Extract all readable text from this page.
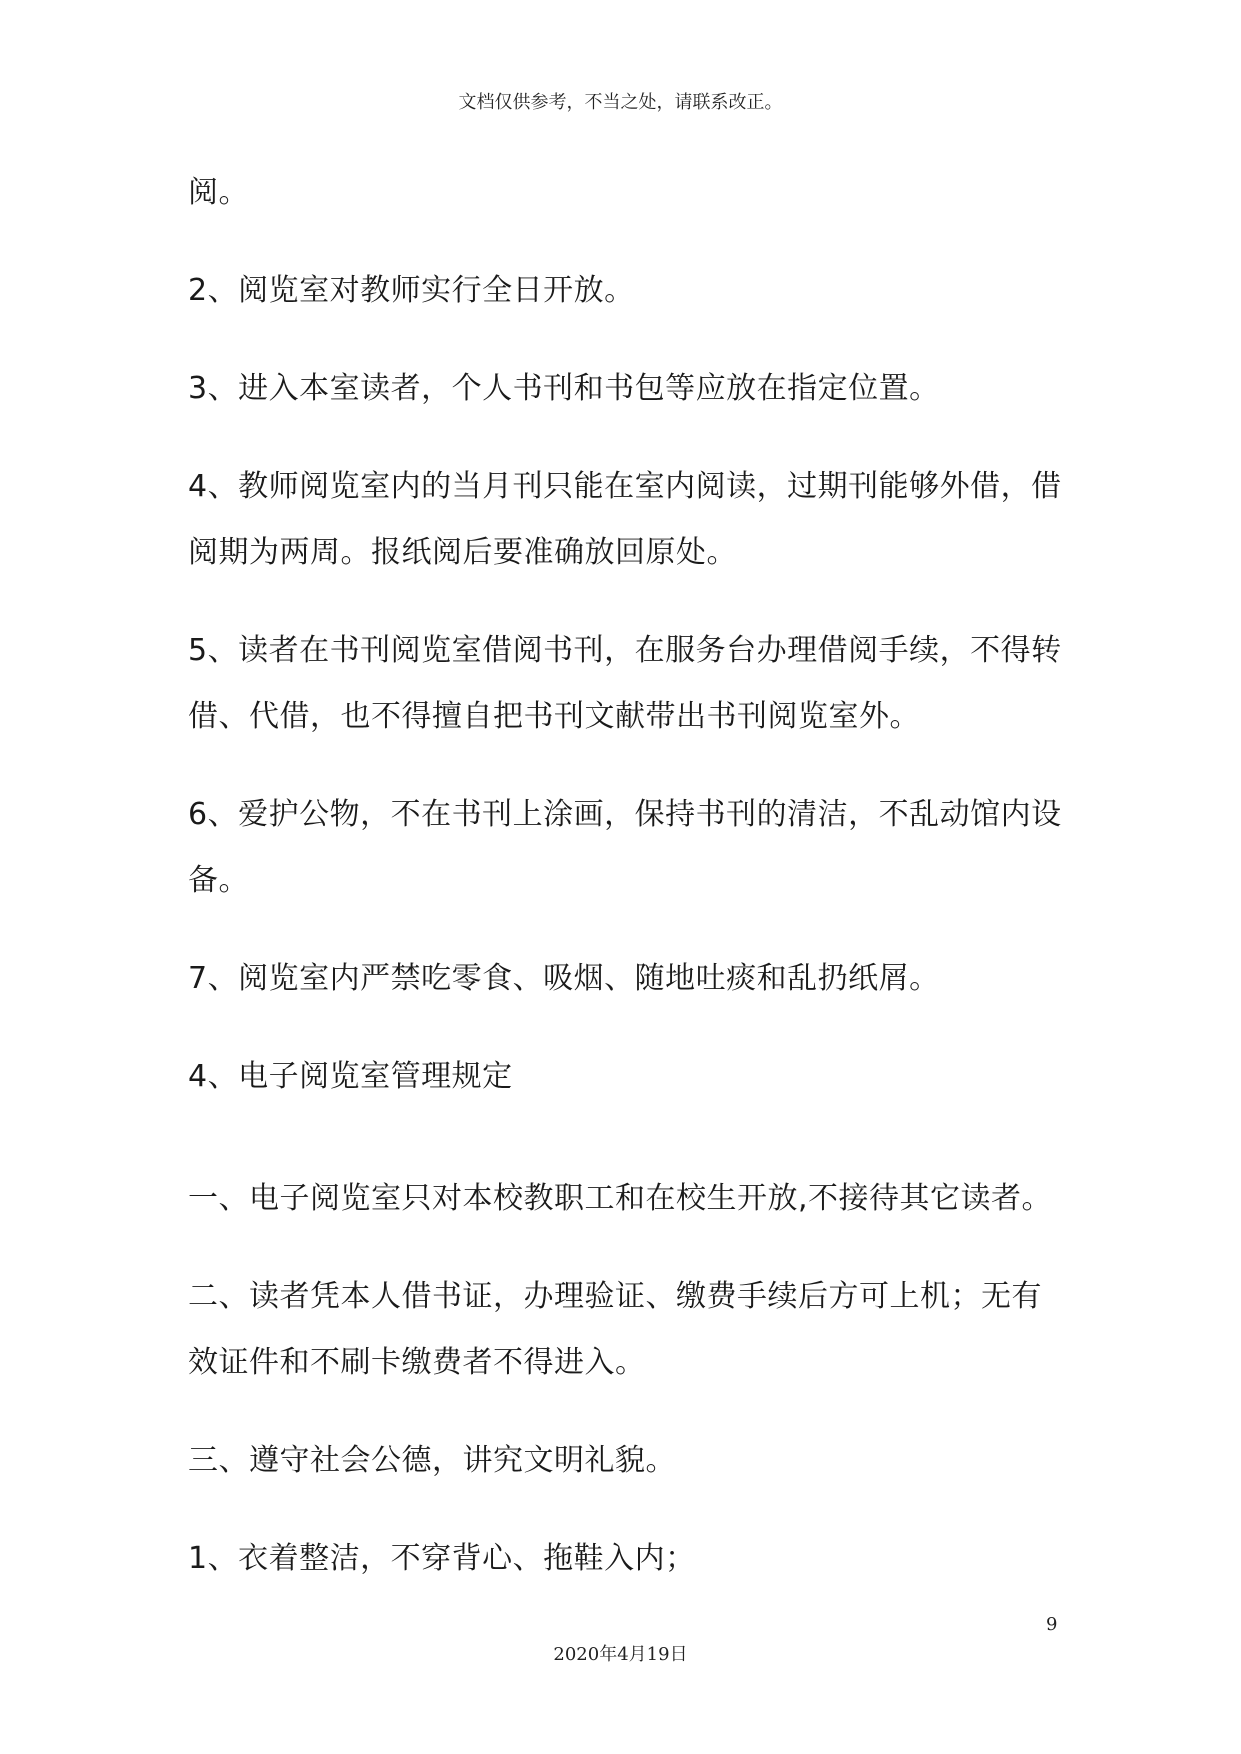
文档仅供参考，不当之处，请联系改正。

阅。

2、阅览室对教师实行全日开放。

3、进入本室读者，个人书刊和书包等应放在指定位置。

4、教师阅览室内的当月刊只能在室内阅读，过期刊能够外借，借阅期为两周。报纸阅后要准确放回原处。

5、读者在书刊阅览室借阅书刊，在服务台办理借阅手续，不得转借、代借，也不得擅自把书刊文献带出书刊阅览室外。

6、爱护公物，不在书刊上涂画，保持书刊的清洁，不乱动馆内设备。

7、阅览室内严禁吃零食、吸烟、随地吐痰和乱扔纸屑。

4、电子阅览室管理规定

一、电子阅览室只对本校教职工和在校生开放,不接待其它读者。

二、读者凭本人借书证，办理验证、缴费手续后方可上机；无有效证件和不刷卡缴费者不得进入。

三、遵守社会公德，讲究文明礼貌。

1、衣着整洁，不穿背心、拖鞋入内；

9
2020年4月19日
